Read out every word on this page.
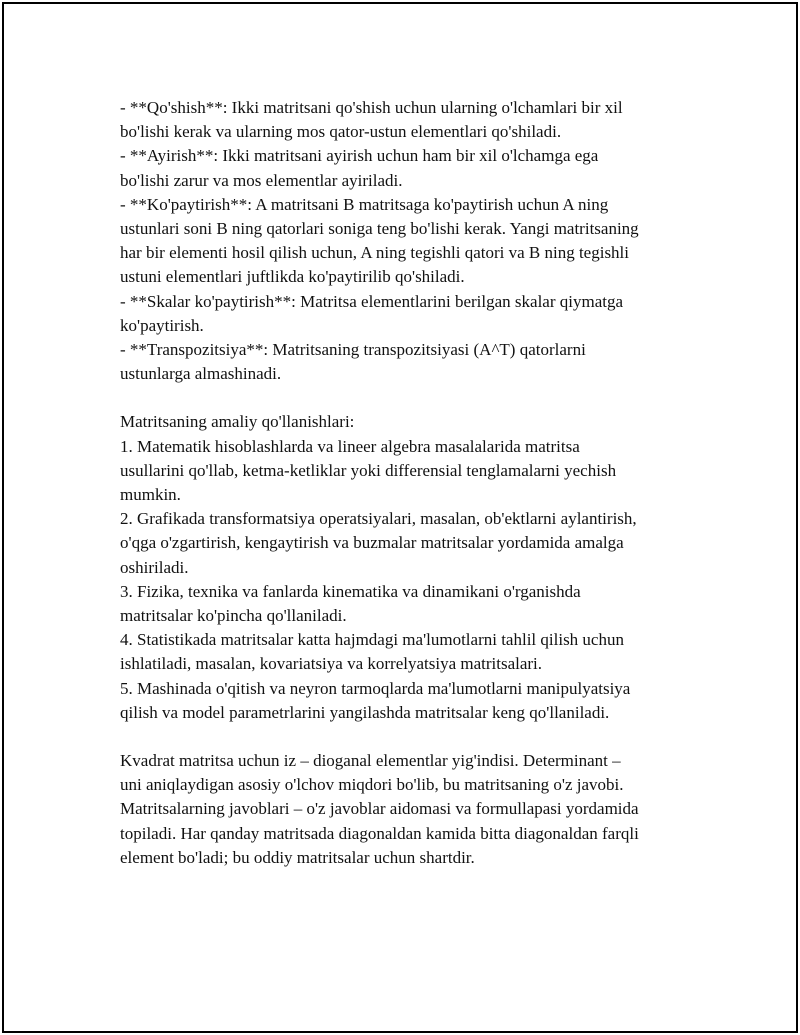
- **Qo'shish**: Ikki matritsani qo'shish uchun ularning o'lchamlari bir xil
bo'lishi kerak va ularning mos qator-ustun elementlari qo'shiladi.
- **Ayirish**: Ikki matritsani ayirish uchun ham bir xil o'lchamga ega
bo'lishi zarur va mos elementlar ayiriladi.
- **Ko'paytirish**: A matritsani B matritsaga ko'paytirish uchun A ning
ustunlari soni B ning qatorlari soniga teng bo'lishi kerak. Yangi matritsaning
har bir elementi hosil qilish uchun, A ning tegishli qatori va B ning tegishli
ustuni elementlari juftlikda ko'paytirilib qo'shiladi.
- **Skalar ko'paytirish**: Matritsa elementlarini berilgan skalar qiymatga
ko'paytirish.
- **Transpozitsiya**: Matritsaning transpozitsiyasi (A^T) qatorlarni
ustunlarga almashinadi.
Matritsaning amaliy qo'llanishlari:
1. Matematik hisoblashlarda va lineer algebra masalalarida matritsa
usullarini qo'llab, ketma-ketliklar yoki differensial tenglamalarni yechish
mumkin.
2. Grafikada transformatsiya operatsiyalari, masalan, ob'ektlarni aylantirish,
o'qga o'zgartirish, kengaytirish va buzmalar matritsalar yordamida amalga
oshiriladi.
3. Fizika, texnika va fanlarda kinematika va dinamikani o'rganishda
matritsalar ko'pincha qo'llaniladi.
4. Statistikada matritsalar katta hajmdagi ma'lumotlarni tahlil qilish uchun
ishlatiladi, masalan, kovariatsiya va korrelyatsiya matritsalari.
5. Mashinada o'qitish va neyron tarmoqlarda ma'lumotlarni manipulyatsiya
qilish va model parametrlarini yangilashda matritsalar keng qo'llaniladi.
Kvadrat matritsa uchun iz – dioganal elementlar yig'indisi. Determinant –
uni aniqlaydigan asosiy o'lchov miqdori bo'lib, bu matritsaning o'z javobi.
Matritsalarning javoblari – o'z javoblar aidomasi va formullapasi yordamida
topiladi. Har qanday matritsada diagonaldan kamida bitta diagonaldan farqli
element bo'ladi; bu oddiy matritsalar uchun shartdir.
